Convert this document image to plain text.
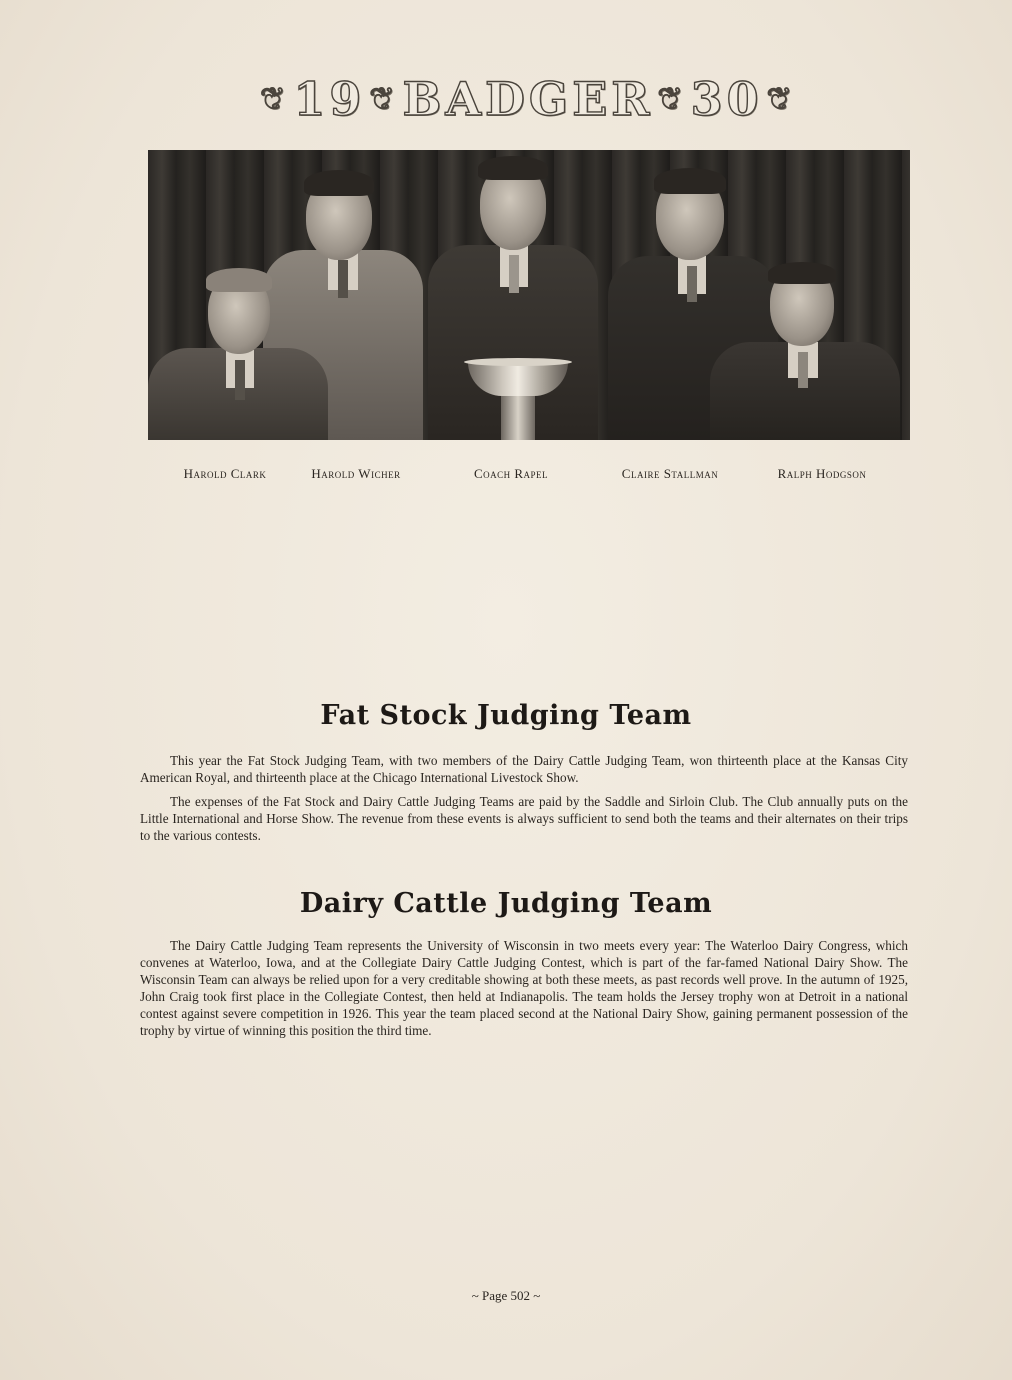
❦ 19 ❦ BADGER ❦ 30 ❦
Harold Clark	Harold Wicher	Coach Rapel	Claire Stallman	Ralph Hodgson
Fat Stock Judging Team

This year the Fat Stock Judging Team, with two members of the Dairy Cattle Judging Team, won thirteenth place at the Kansas City American Royal, and thirteenth place at the Chicago International Livestock Show.

The expenses of the Fat Stock and Dairy Cattle Judging Teams are paid by the Saddle and Sirloin Club. The Club annually puts on the Little International and Horse Show. The revenue from these events is always sufficient to send both the teams and their alternates on their trips to the various contests.

Dairy Cattle Judging Team

The Dairy Cattle Judging Team represents the University of Wisconsin in two meets every year: The Waterloo Dairy Congress, which convenes at Waterloo, Iowa, and at the Collegiate Dairy Cattle Judging Contest, which is part of the far-famed National Dairy Show. The Wisconsin Team can always be relied upon for a very creditable showing at both these meets, as past records well prove. In the autumn of 1925, John Craig took first place in the Collegiate Contest, then held at Indianapolis. The team holds the Jersey trophy won at Detroit in a national contest against severe competition in 1926. This year the team placed second at the National Dairy Show, gaining permanent possession of the trophy by virtue of winning this position the third time.

~ Page 502 ~
